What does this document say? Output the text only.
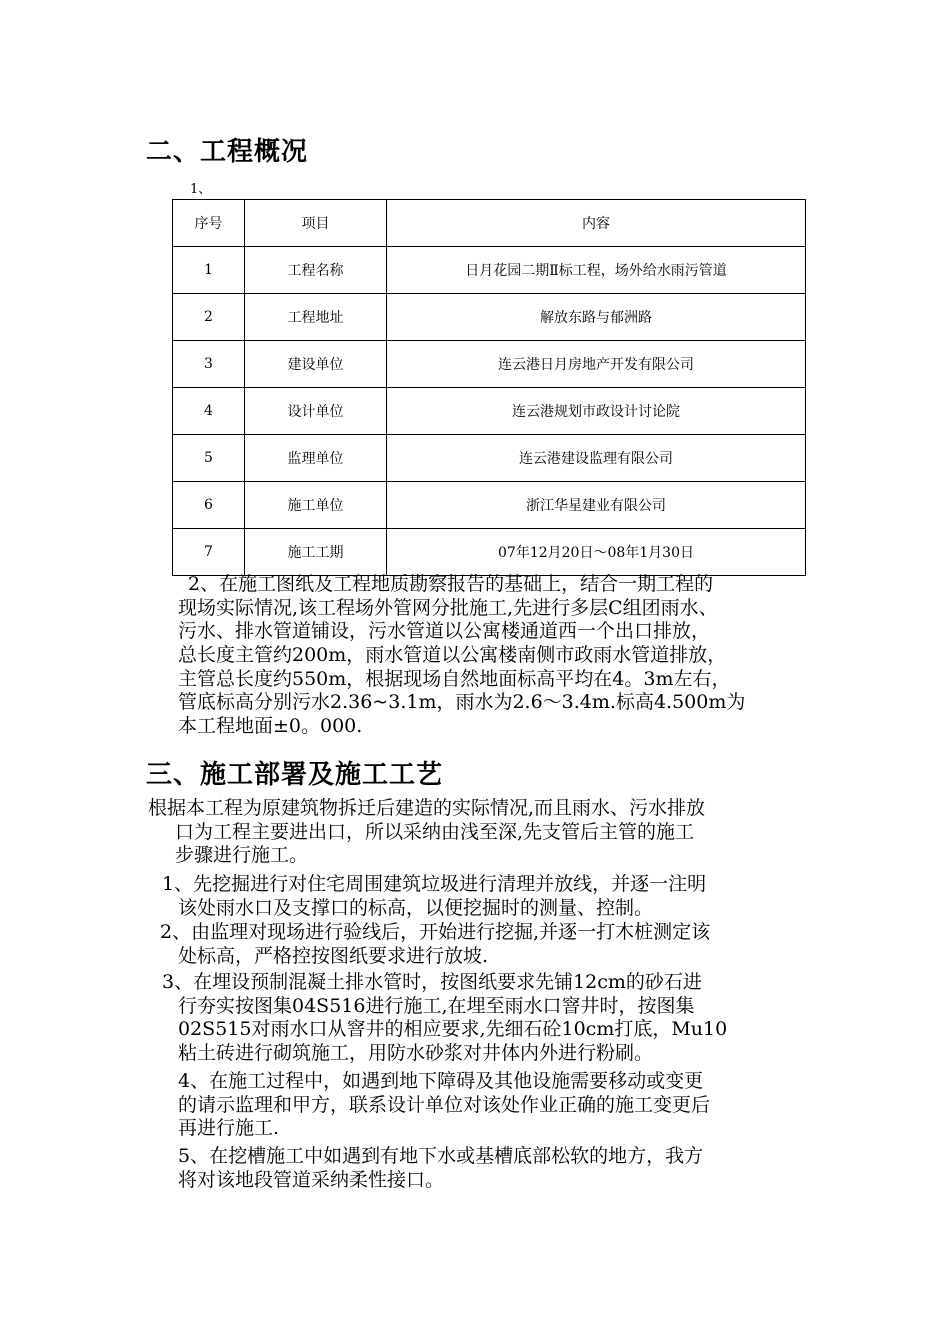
二、工程概况
1、
序号	项目	内容
1	工程名称	日月花园二期Ⅱ标工程，场外给水雨污管道
2	工程地址	解放东路与郁洲路
3	建设单位	连云港日月房地产开发有限公司
4	设计单位	连云港规划市政设计讨论院
5	监理单位	连云港建设监理有限公司
6	施工单位	浙江华星建业有限公司
7	施工工期	07年12月20日～08年1月30日
2、在施工图纸及工程地质勘察报告的基础上，结合一期工程的
现场实际情况,该工程场外管网分批施工,先进行多层C组团雨水、
污水、排水管道铺设，污水管道以公寓楼通道西一个出口排放，
总长度主管约200m，雨水管道以公寓楼南侧市政雨水管道排放，
主管总长度约550m，根据现场自然地面标高平均在4。3m左右，
管底标高分别污水2.36~3.1m，雨水为2.6～3.4m.标高4.500m为
本工程地面±0。000.
三、施工部署及施工工艺
根据本工程为原建筑物拆迁后建造的实际情况,而且雨水、污水排放
口为工程主要进出口，所以采纳由浅至深,先支管后主管的施工
步骤进行施工。
1、先挖掘进行对住宅周围建筑垃圾进行清理并放线，并逐一注明
该处雨水口及支撑口的标高，以便挖掘时的测量、控制。
2、由监理对现场进行验线后，开始进行挖掘,并逐一打木桩测定该
处标高，严格控按图纸要求进行放坡.
3、在埋设预制混凝土排水管时，按图纸要求先铺12cm的砂石进
行夯实按图集04S516进行施工,在埋至雨水口窨井时，按图集
02S515对雨水口从窨井的相应要求,先细石砼10cm打底，Mu10
粘土砖进行砌筑施工，用防水砂浆对井体内外进行粉刷。
4、在施工过程中，如遇到地下障碍及其他设施需要移动或变更
的请示监理和甲方，联系设计单位对该处作业正确的施工变更后
再进行施工.
5、在挖槽施工中如遇到有地下水或基槽底部松软的地方，我方
将对该地段管道采纳柔性接口。
